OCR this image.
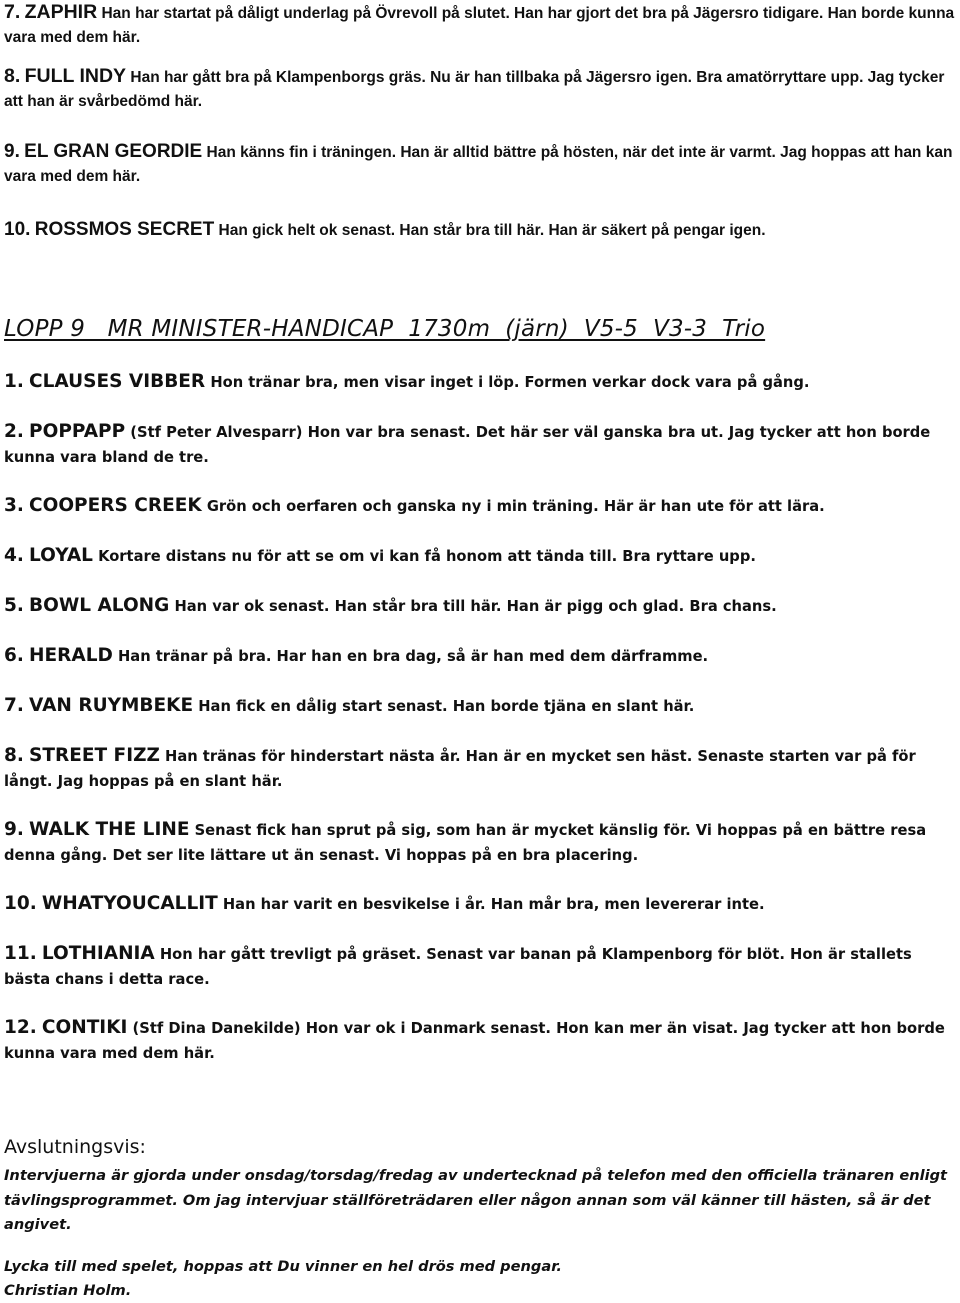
7. ZAPHIR Han har startat på dåligt underlag på Övrevoll på slutet. Han har gjort det bra på Jägersro tidigare. Han borde kunna vara med dem här.

8. FULL INDY Han har gått bra på Klampenborgs gräs. Nu är han tillbaka på Jägersro igen. Bra amatörryttare upp. Jag tycker att han är svårbedömd här.

9. EL GRAN GEORDIE Han känns fin i träningen. Han är alltid bättre på hösten, när det inte är varmt. Jag hoppas att han kan vara med dem här.

10. ROSSMOS SECRET Han gick helt ok senast. Han står bra till här. Han är säkert på pengar igen.

LOPP 9   MR MINISTER-HANDICAP  1730m  (järn)  V5-5  V3-3  Trio
1. CLAUSES VIBBER Hon tränar bra, men visar inget i löp. Formen verkar dock vara på gång.
2. POPPAPP (Stf Peter Alvesparr) Hon var bra senast. Det här ser väl ganska bra ut. Jag tycker att hon borde kunna vara bland de tre.
3. COOPERS CREEK Grön och oerfaren och ganska ny i min träning. Här är han ute för att lära.
4. LOYAL Kortare distans nu för att se om vi kan få honom att tända till. Bra ryttare upp.
5. BOWL ALONG Han var ok senast. Han står bra till här. Han är pigg och glad. Bra chans.
6. HERALD Han tränar på bra. Har han en bra dag, så är han med dem därframme.
7. VAN RUYMBEKE Han fick en dålig start senast. Han borde tjäna en slant här.
8. STREET FIZZ Han tränas för hinderstart nästa år. Han är en mycket sen häst. Senaste starten var på för långt. Jag hoppas på en slant här.
9. WALK THE LINE Senast fick han sprut på sig, som han är mycket känslig för. Vi hoppas på en bättre resa denna gång. Det ser lite lättare ut än senast. Vi hoppas på en bra placering.
10. WHATYOUCALLIT Han har varit en besvikelse i år. Han mår bra, men levererar inte.
11. LOTHIANIA Hon har gått trevligt på gräset. Senast var banan på Klampenborg för blöt. Hon är stallets bästa chans i detta race.
12. CONTIKI (Stf Dina Danekilde) Hon var ok i Danmark senast. Hon kan mer än visat. Jag tycker att hon borde kunna vara med dem här.
Avslutningsvis:

Intervjuerna är gjorda under onsdag/torsdag/fredag av undertecknad på telefon med den officiella tränaren enligt tävlingsprogrammet. Om jag intervjuar ställföreträdaren eller någon annan som väl känner till hästen, så är det angivet.

Lycka till med spelet, hoppas att Du vinner en hel drös med pengar.
Christian Holm.
